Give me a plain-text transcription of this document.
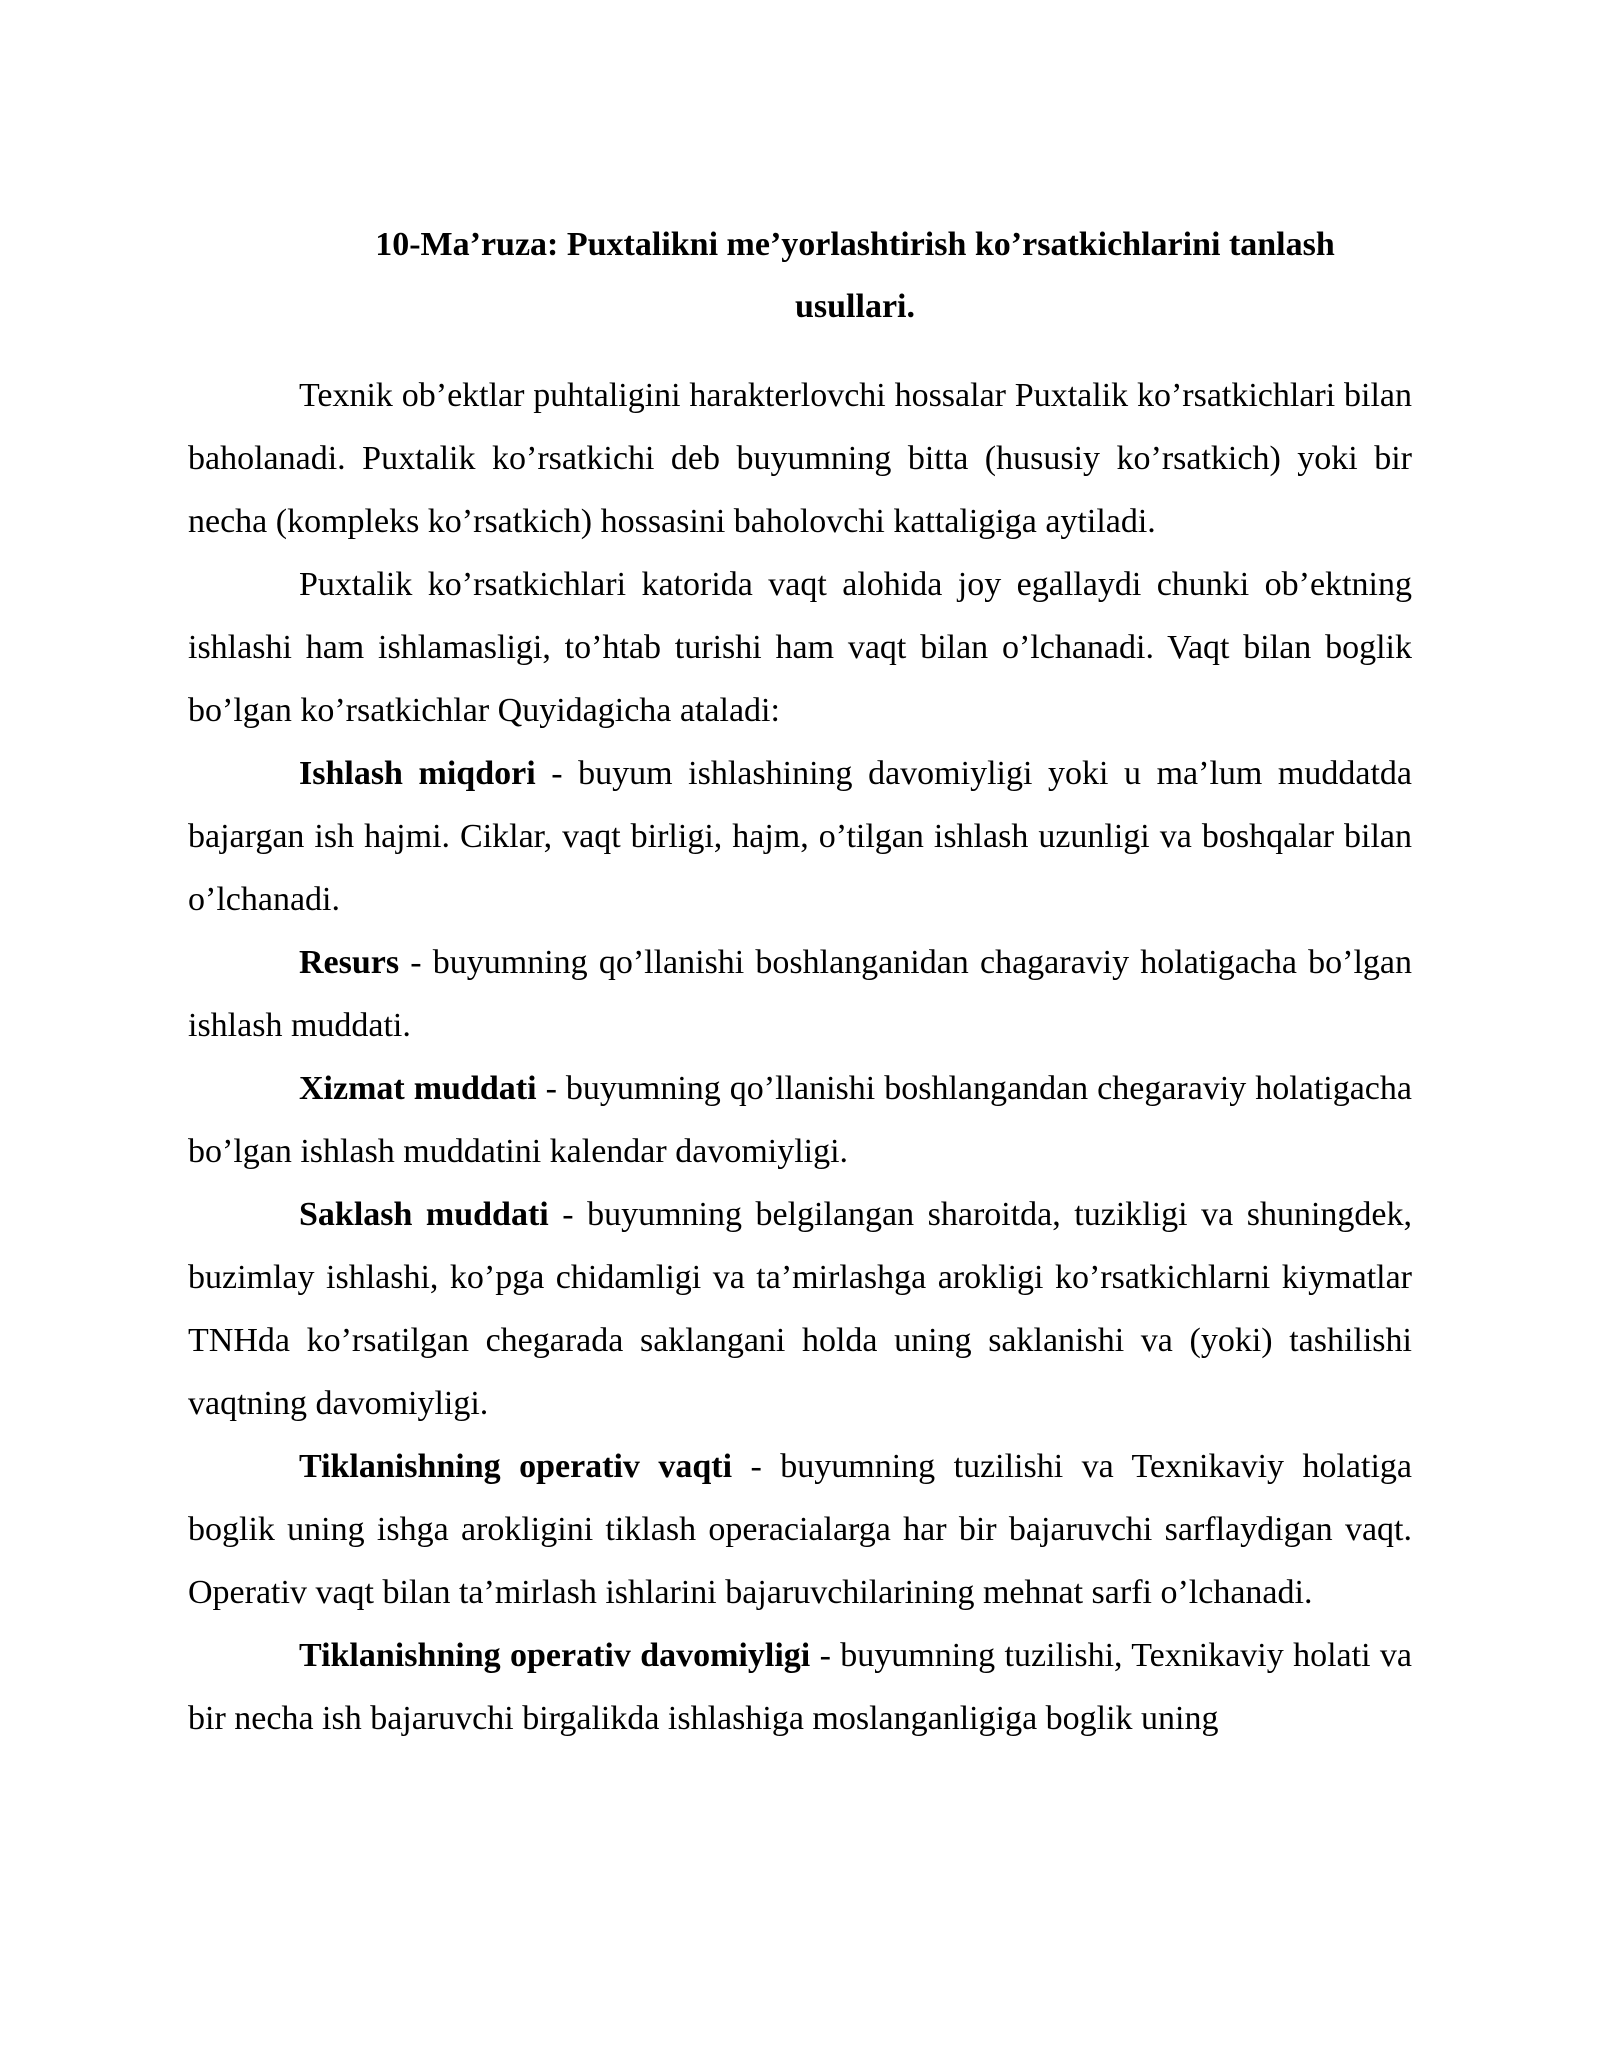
10-Ma’ruza: Puxtalikni me’yorlashtirish ko’rsatkichlarini tanlash
usullari.

Texnik ob’ektlar puhtaligini harakterlovchi hossalar Puxtalik ko’rsatkichlari bilan baholanadi. Puxtalik ko’rsatkichi deb buyumning bitta (hususiy ko’rsatkich) yoki bir necha (kompleks ko’rsatkich) hossasini baholovchi kattaligiga aytiladi.

Puxtalik ko’rsatkichlari katorida vaqt alohida joy egallaydi chunki ob’ektning ishlashi ham ishlamasligi, to’htab turishi ham vaqt bilan o’lchanadi. Vaqt bilan boglik bo’lgan ko’rsatkichlar Quyidagicha ataladi:

Ishlash miqdori - buyum ishlashining davomiyligi yoki u ma’lum muddatda bajargan ish hajmi. Ciklar, vaqt birligi, hajm, o’tilgan ishlash uzunligi va boshqalar bilan o’lchanadi.

Resurs - buyumning qo’llanishi boshlanganidan chagaraviy holatigacha bo’lgan ishlash muddati.

Xizmat muddati - buyumning qo’llanishi boshlangandan chegaraviy holatigacha bo’lgan ishlash muddatini kalendar davomiyligi.

Saklash muddati - buyumning belgilangan sharoitda, tuzikligi va shuningdek, buzimlay ishlashi, ko’pga chidamligi va ta’mirlashga arokligi ko’rsatkichlarni kiymatlar TNHda ko’rsatilgan chegarada saklangani holda uning saklanishi va (yoki) tashilishi vaqtning davomiyligi.

Tiklanishning operativ vaqti - buyumning tuzilishi va Texnikaviy holatiga boglik uning ishga arokligini tiklash operacialarga har bir bajaruvchi sarflaydigan vaqt. Operativ vaqt bilan ta’mirlash ishlarini bajaruvchilarining mehnat sarfi o’lchanadi.

Tiklanishning operativ davomiyligi - buyumning tuzilishi, Texnikaviy holati va bir necha ish bajaruvchi birgalikda ishlashiga moslanganligiga boglik uning
